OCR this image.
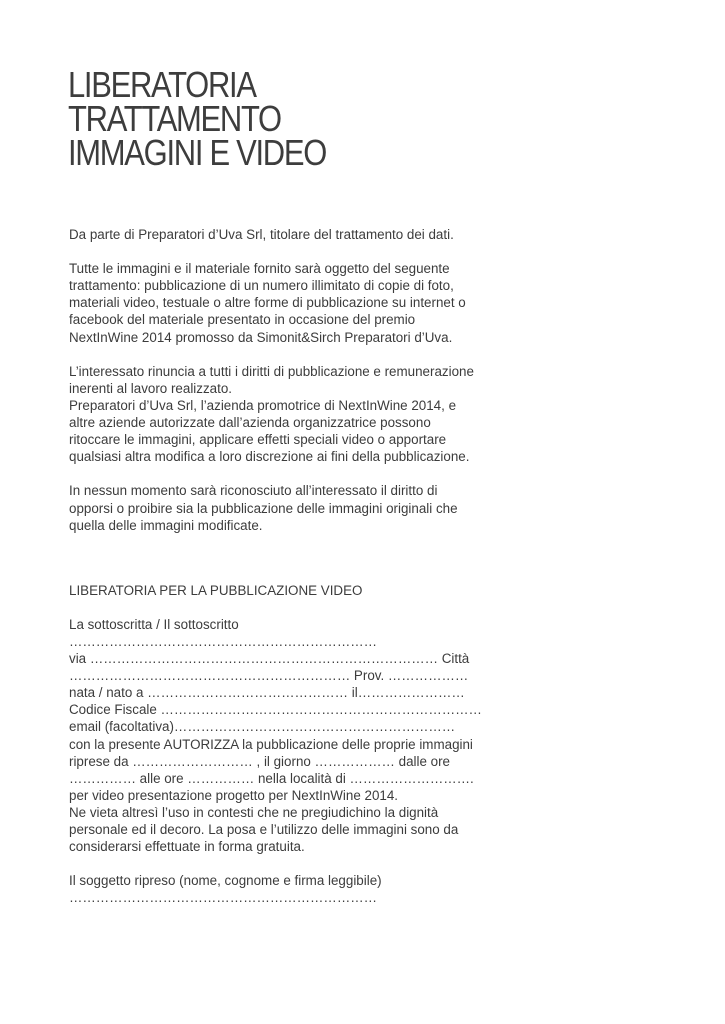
LIBERATORIA
TRATTAMENTO
IMMAGINI E VIDEO

Da parte di Preparatori d’Uva Srl, titolare del trattamento dei dati.

Tutte le immagini e il materiale fornito sarà oggetto del seguente
trattamento: pubblicazione di un numero illimitato di copie di foto,
materiali video, testuale o altre forme di pubblicazione su internet o
facebook del materiale presentato in occasione del premio
NextInWine 2014 promosso da Simonit&Sirch Preparatori d’Uva.

L’interessato rinuncia a tutti i diritti di pubblicazione e remunerazione
inerenti al lavoro realizzato.
Preparatori d’Uva Srl, l’azienda promotrice di NextInWine 2014, e
altre aziende autorizzate dall’azienda organizzatrice possono
ritoccare le immagini, applicare effetti speciali video o apportare
qualsiasi altra modifica a loro discrezione ai fini della pubblicazione.

In nessun momento sarà riconosciuto all’interessato il diritto di
opporsi o proibire sia la pubblicazione delle immagini originali che
quella delle immagini modificate.

LIBERATORIA PER LA PUBBLICAZIONE VIDEO

La sottoscritta / Il sottoscritto
……………………………………………………………
via …………………………………………………………………… Città
……………………………………………………… Prov. ………………
nata / nato a ……………………………………… il……………………
Codice Fiscale ………………………………………………………………
email (facoltativa)………………………………………………………
con la presente AUTORIZZA la pubblicazione delle proprie immagini
riprese da ……………………… , il giorno ……………… dalle ore
…………… alle ore …………… nella località di ……………………….
per video presentazione progetto per NextInWine 2014.
Ne vieta altresì l’uso in contesti che ne pregiudichino la dignità
personale ed il decoro. La posa e l’utilizzo delle immagini sono da
considerarsi effettuate in forma gratuita.

Il soggetto ripreso (nome, cognome e firma leggibile)
……………………………………………………………
